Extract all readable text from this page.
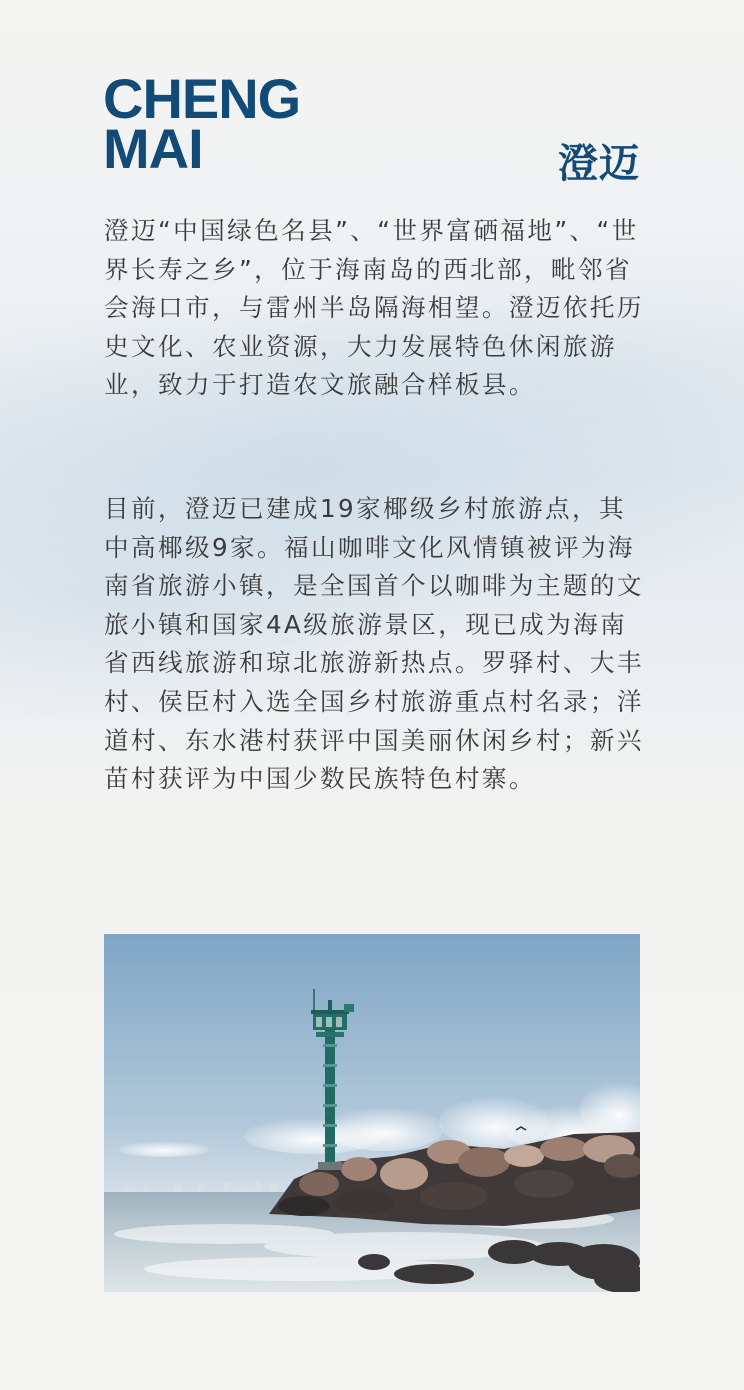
CHENG
MAI	澄迈

澄迈“中国绿色名县”、“世界富硒福地”、“世界长寿之乡”，位于海南岛的西北部，毗邻省会海口市，与雷州半岛隔海相望。澄迈依托历史文化、农业资源，大力发展特色休闲旅游业，致力于打造农文旅融合样板县。

目前，澄迈已建成19家椰级乡村旅游点，其中高椰级9家。福山咖啡文化风情镇被评为海南省旅游小镇，是全国首个以咖啡为主题的文旅小镇和国家4A级旅游景区，现已成为海南省西线旅游和琼北旅游新热点。罗驿村、大丰村、侯臣村入选全国乡村旅游重点村名录；洋道村、东水港村获评中国美丽休闲乡村；新兴苗村获评为中国少数民族特色村寨。
